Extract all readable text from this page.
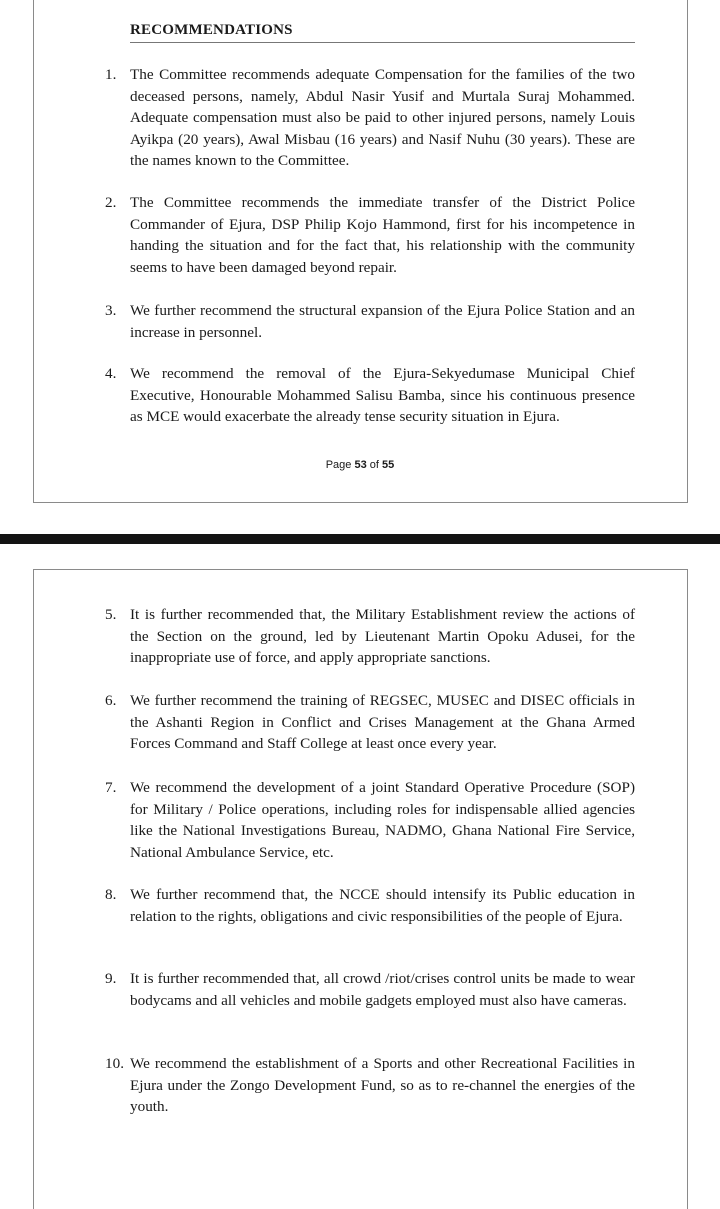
RECOMMENDATIONS
1. The Committee recommends adequate Compensation for the families of the two deceased persons, namely, Abdul Nasir Yusif and Murtala Suraj Mohammed. Adequate compensation must also be paid to other injured persons, namely Louis Ayikpa (20 years), Awal Misbau (16 years) and Nasif Nuhu (30 years). These are the names known to the Committee.
2. The Committee recommends the immediate transfer of the District Police Commander of Ejura, DSP Philip Kojo Hammond, first for his incompetence in handing the situation and for the fact that, his relationship with the community seems to have been damaged beyond repair.
3. We further recommend the structural expansion of the Ejura Police Station and an increase in personnel.
4. We recommend the removal of the Ejura-Sekyedumase Municipal Chief Executive, Honourable Mohammed Salisu Bamba, since his continuous presence as MCE would exacerbate the already tense security situation in Ejura.
Page 53 of 55
5. It is further recommended that, the Military Establishment review the actions of the Section on the ground, led by Lieutenant Martin Opoku Adusei, for the inappropriate use of force, and apply appropriate sanctions.
6. We further recommend the training of REGSEC, MUSEC and DISEC officials in the Ashanti Region in Conflict and Crises Management at the Ghana Armed Forces Command and Staff College at least once every year.
7. We recommend the development of a joint Standard Operative Procedure (SOP) for Military / Police operations, including roles for indispensable allied agencies like the National Investigations Bureau, NADMO, Ghana National Fire Service, National Ambulance Service, etc.
8. We further recommend that, the NCCE should intensify its Public education in relation to the rights, obligations and civic responsibilities of the people of Ejura.
9. It is further recommended that, all crowd /riot/crises control units be made to wear bodycams and all vehicles and mobile gadgets employed must also have cameras.
10. We recommend the establishment of a Sports and other Recreational Facilities in Ejura under the Zongo Development Fund, so as to re-channel the energies of the youth.
